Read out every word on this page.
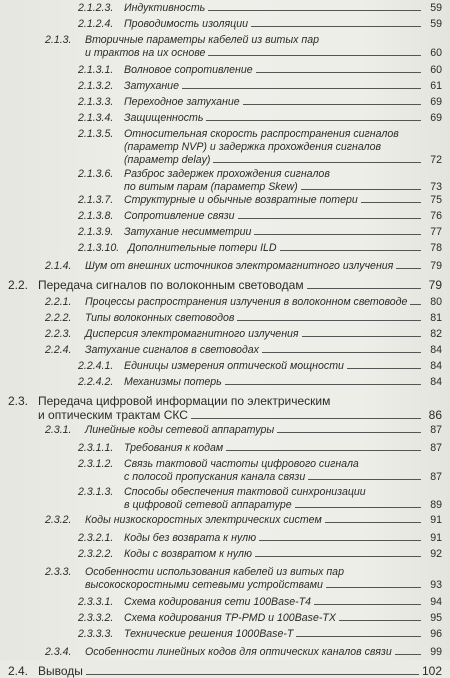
2.1.2.3. Индуктивность	59
2.1.2.4. Проводимость изоляции	59
2.1.3. Вторичные параметры кабелей из витых пар
и трактов на их основе	60
2.1.3.1. Волновое сопротивление	60
2.1.3.2. Затухание	61
2.1.3.3. Переходное затухание	69
2.1.3.4. Защищенность	69
2.1.3.5. Относительная скорость распространения сигналов
(параметр NVP) и задержка прохождения сигналов
(параметр delay)	72
2.1.3.6. Разброс задержек прохождения сигналов
по витым парам (параметр Skew)	73
2.1.3.7. Структурные и обычные возвратные потери	75
2.1.3.8. Сопротивление связи	76
2.1.3.9. Затухание несимметрии	77
2.1.3.10. Дополнительные потери ILD	78
2.1.4. Шум от внешних источников электромагнитного излучения	79
2.2. Передача сигналов по волоконным световодам	79
2.2.1. Процессы распространения излучения в волоконном световоде	80
2.2.2. Типы волоконных световодов	81
2.2.3. Дисперсия электромагнитного излучения	82
2.2.4. Затухание сигналов в световодах	84
2.2.4.1. Единицы измерения оптической мощности	84
2.2.4.2. Механизмы потерь	84
2.3. Передача цифровой информации по электрическим
и оптическим трактам СКС	86
2.3.1. Линейные коды сетевой аппаратуры	87
2.3.1.1. Требования к кодам	87
2.3.1.2. Связь тактовой частоты цифрового сигнала
с полосой пропускания канала связи	87
2.3.1.3. Способы обеспечения тактовой синхронизации
в цифровой сетевой аппаратуре	89
2.3.2. Коды низкоскоростных электрических систем	91
2.3.2.1. Коды без возврата к нулю	91
2.3.2.2. Коды с возвратом к нулю	92
2.3.3. Особенности использования кабелей из витых пар
высокоскоростными сетевыми устройствами	93
2.3.3.1. Схема кодирования сети 100Base-T4	94
2.3.3.2. Схема кодирования TP-PMD и 100Base-TX	95
2.3.3.3. Технические решения 1000Base-T	96
2.3.4. Особенности линейных кодов для оптических каналов связи	99
2.4. Выводы	102
